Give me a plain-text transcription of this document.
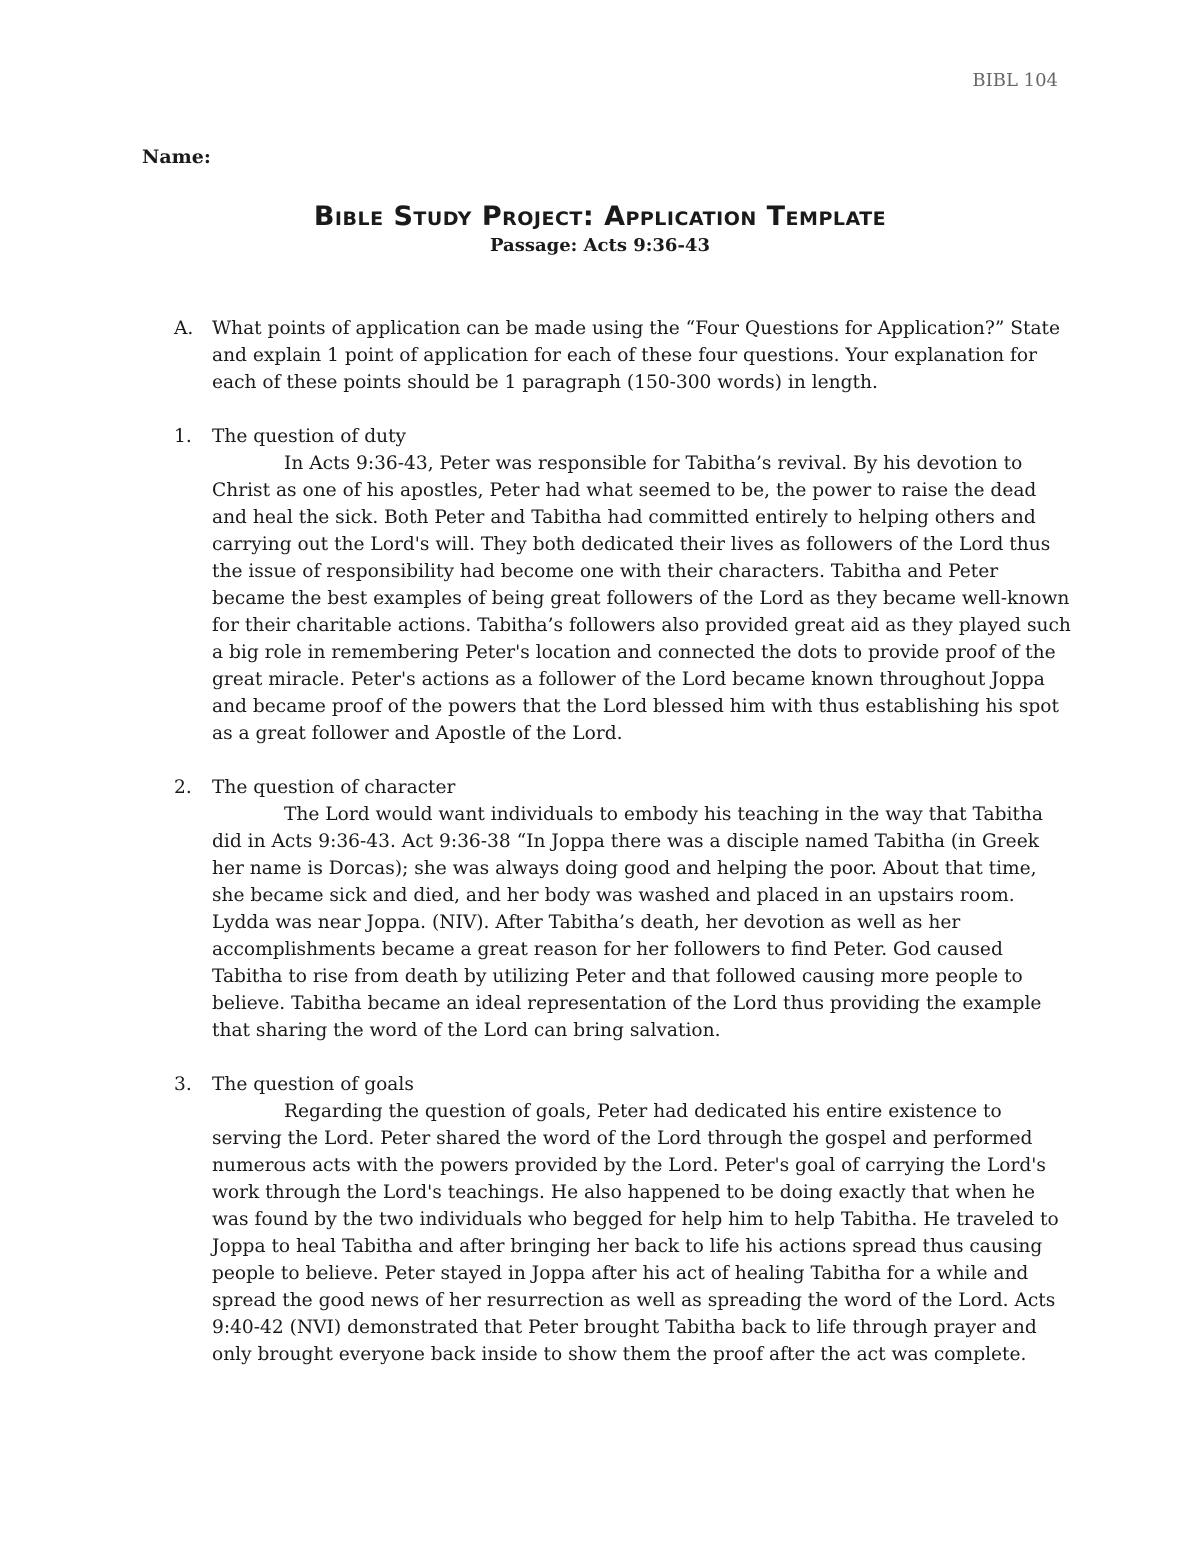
BIBL 104
Name:
Bible Study Project: Application Template
Passage: Acts 9:36-43
A. What points of application can be made using the “Four Questions for Application?” State and explain 1 point of application for each of these four questions. Your explanation for each of these points should be 1 paragraph (150-300 words) in length.
1. The question of duty

In Acts 9:36-43, Peter was responsible for Tabitha’s revival. By his devotion to Christ as one of his apostles, Peter had what seemed to be, the power to raise the dead and heal the sick. Both Peter and Tabitha had committed entirely to helping others and carrying out the Lord's will. They both dedicated their lives as followers of the Lord thus the issue of responsibility had become one with their characters. Tabitha and Peter became the best examples of being great followers of the Lord as they became well-known for their charitable actions. Tabitha’s followers also provided great aid as they played such a big role in remembering Peter's location and connected the dots to provide proof of the great miracle. Peter's actions as a follower of the Lord became known throughout Joppa and became proof of the powers that the Lord blessed him with thus establishing his spot as a great follower and Apostle of the Lord.

2. The question of character

The Lord would want individuals to embody his teaching in the way that Tabitha did in Acts 9:36-43. Act 9:36-38 “In Joppa there was a disciple named Tabitha (in Greek her name is Dorcas); she was always doing good and helping the poor. About that time, she became sick and died, and her body was washed and placed in an upstairs room. Lydda was near Joppa. (NIV). After Tabitha’s death, her devotion as well as her accomplishments became a great reason for her followers to find Peter. God caused Tabitha to rise from death by utilizing Peter and that followed causing more people to believe. Tabitha became an ideal representation of the Lord thus providing the example that sharing the word of the Lord can bring salvation.

3. The question of goals

Regarding the question of goals, Peter had dedicated his entire existence to serving the Lord. Peter shared the word of the Lord through the gospel and performed numerous acts with the powers provided by the Lord. Peter's goal of carrying the Lord's work through the Lord's teachings. He also happened to be doing exactly that when he was found by the two individuals who begged for help him to help Tabitha. He traveled to Joppa to heal Tabitha and after bringing her back to life his actions spread thus causing people to believe. Peter stayed in Joppa after his act of healing Tabitha for a while and spread the good news of her resurrection as well as spreading the word of the Lord. Acts 9:40-42 (NVI) demonstrated that Peter brought Tabitha back to life through prayer and only brought everyone back inside to show them the proof after the act was complete.
